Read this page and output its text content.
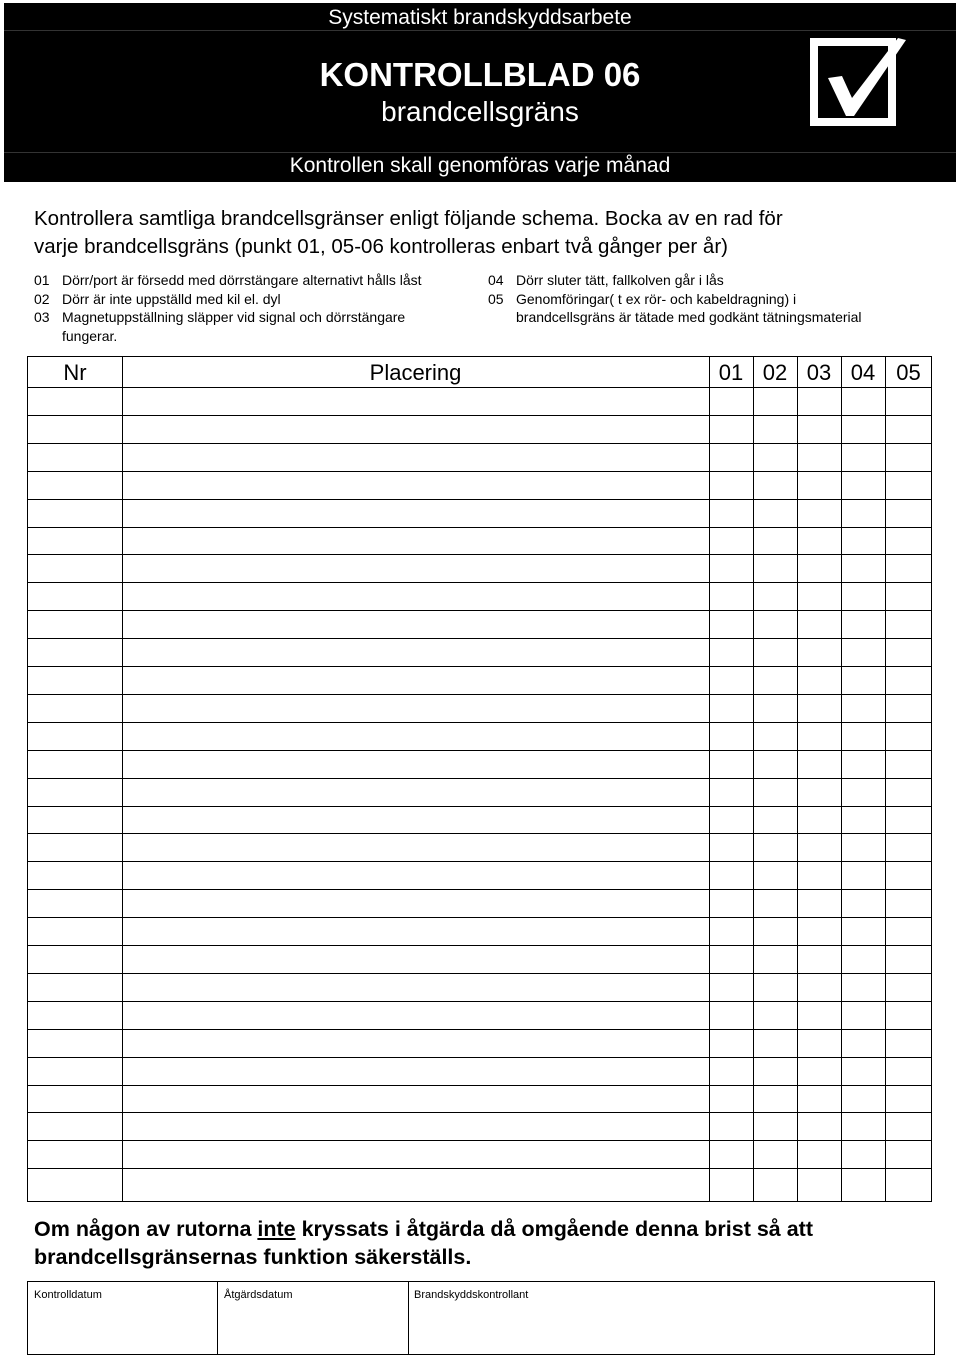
Systematiskt brandskyddsarbete
KONTROLLBLAD 06
brandcellsgräns
Kontrollen skall genomföras varje månad
Kontrollera samtliga brandcellsgränser enligt följande schema. Bocka av en rad för
varje brandcellsgräns (punkt 01, 05-06 kontrolleras enbart två gånger per år)
01 Dörr/port är försedd med dörrstängare alternativt hålls låst
02 Dörr är inte uppställd med kil el. dyl
03 Magnetuppställning släpper vid signal och dörrstängare
fungerar.
04 Dörr sluter tätt, fallkolven går i lås
05 Genomföringar( t ex rör- och kabeldragning) i
brandcellsgräns är tätade med godkänt tätningsmaterial
Nr	Placering	01 02 03 04 05
Om någon av rutorna inte kryssats i åtgärda då omgående denna brist så att
brandcellsgränsernas funktion säkerställs.
Kontrolldatum	Åtgärdsdatum	Brandskyddskontrollant
